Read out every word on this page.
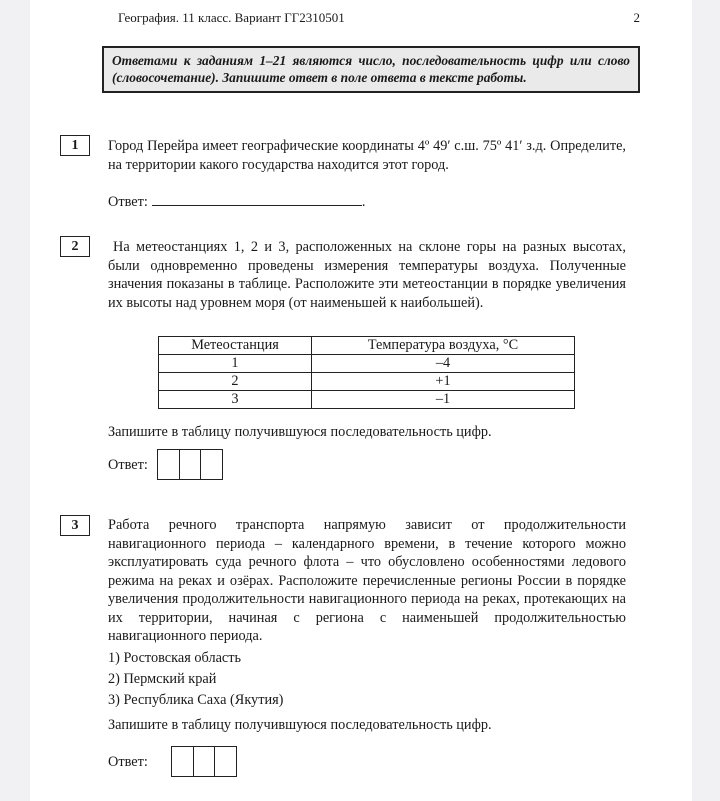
География. 11 класс. Вариант ГГ2310501	2
Ответами к заданиям 1–21 являются число, последовательность цифр или слово (словосочетание). Запишите ответ в поле ответа в тексте работы.
1	Город Перейра имеет географические координаты 4º 49′ с.ш. 75º 41′ з.д. Определите, на территории какого государства находится этот город.
Ответ:	.
2	На метеостанциях 1, 2 и 3, расположенных на склоне горы на разных высотах, были одновременно проведены измерения температуры воздуха. Полученные значения показаны в таблице. Расположите эти метеостанции в порядке увеличения их высоты над уровнем моря (от наименьшей к наибольшей).
Метеостанция	Температура воздуха, °С
1	–4
2	+1
3	–1
Запишите в таблицу получившуюся последовательность цифр.
Ответ:
3	Работа речного транспорта напрямую зависит от продолжительности навигационного периода – календарного времени, в течение которого можно эксплуатировать суда речного флота – что обусловлено особенностями ледового режима на реках и озёрах. Расположите перечисленные регионы России в порядке увеличения продолжительности навигационного периода на реках, протекающих на их территории, начиная с региона с наименьшей продолжительностью навигационного периода.
1) Ростовская область
2) Пермский край
3) Республика Саха (Якутия)
Запишите в таблицу получившуюся последовательность цифр.
Ответ:
